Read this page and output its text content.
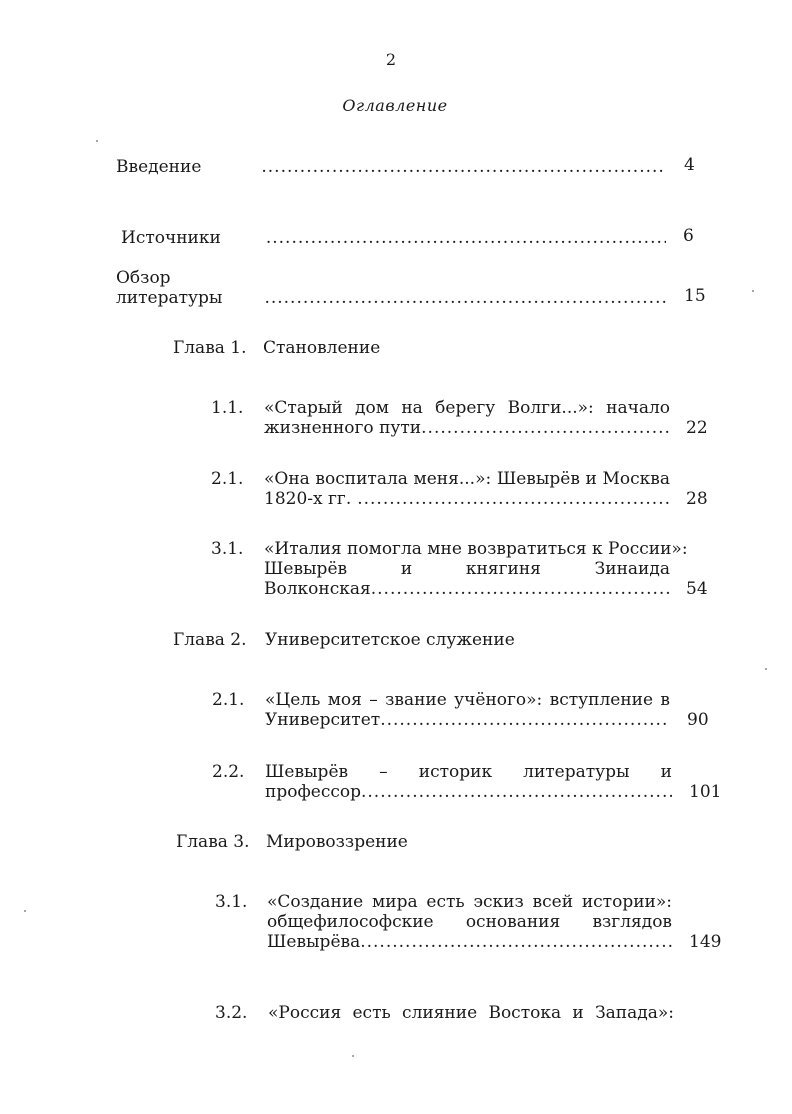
2
Оглавление
Введение .....	4
Источники .....	6
Обзор
литературы .....	15
Глава 1. Становление
1.1. «Старый дом на берегу Волги...»: начало
жизненного пути .....	22
2.1. «Она воспитала меня...»: Шевырёв и Москва
1820-х гг. .....	28
3.1. «Италия помогла мне возвратиться к России»:
Шевырёв и княгиня Зинаида
Волконская .....	54
Глава 2. Университетское служение
2.1. «Цель моя – звание учёного»: вступление в
Университет .....	90
2.2. Шевырёв – историк литературы и
профессор .....	101
Глава 3. Мировоззрение
3.1. «Создание мира есть эскиз всей истории»:
общефилософские основания взглядов
Шевырёва .....	149
3.2. «Россия есть слияние Востока и Запада»:
